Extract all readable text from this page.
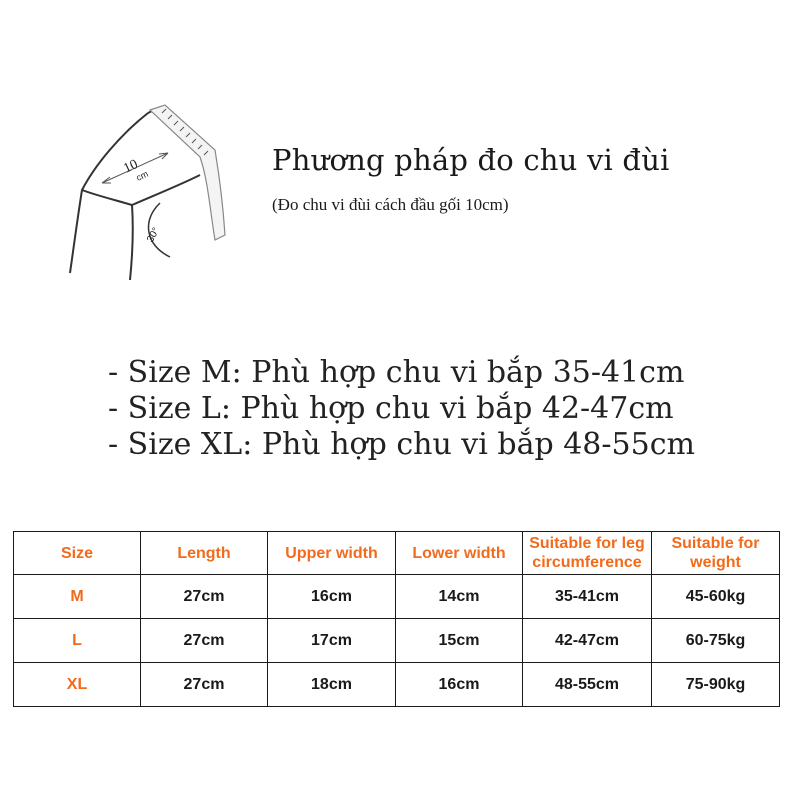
10
cm
30°
Phương pháp đo chu vi đùi
(Đo chu vi đùi cách đầu gối 10cm)
- Size M: Phù hợp chu vi bắp 35-41cm
- Size L: Phù hợp chu vi bắp 42-47cm
- Size XL: Phù hợp chu vi bắp 48-55cm
Size	Length	Upper width	Lower width	Suitable for leg circumference	Suitable for weight

M	27cm	16cm	14cm	35-41cm	45-60kg
L	27cm	17cm	15cm	42-47cm	60-75kg
XL	27cm	18cm	16cm	48-55cm	75-90kg
